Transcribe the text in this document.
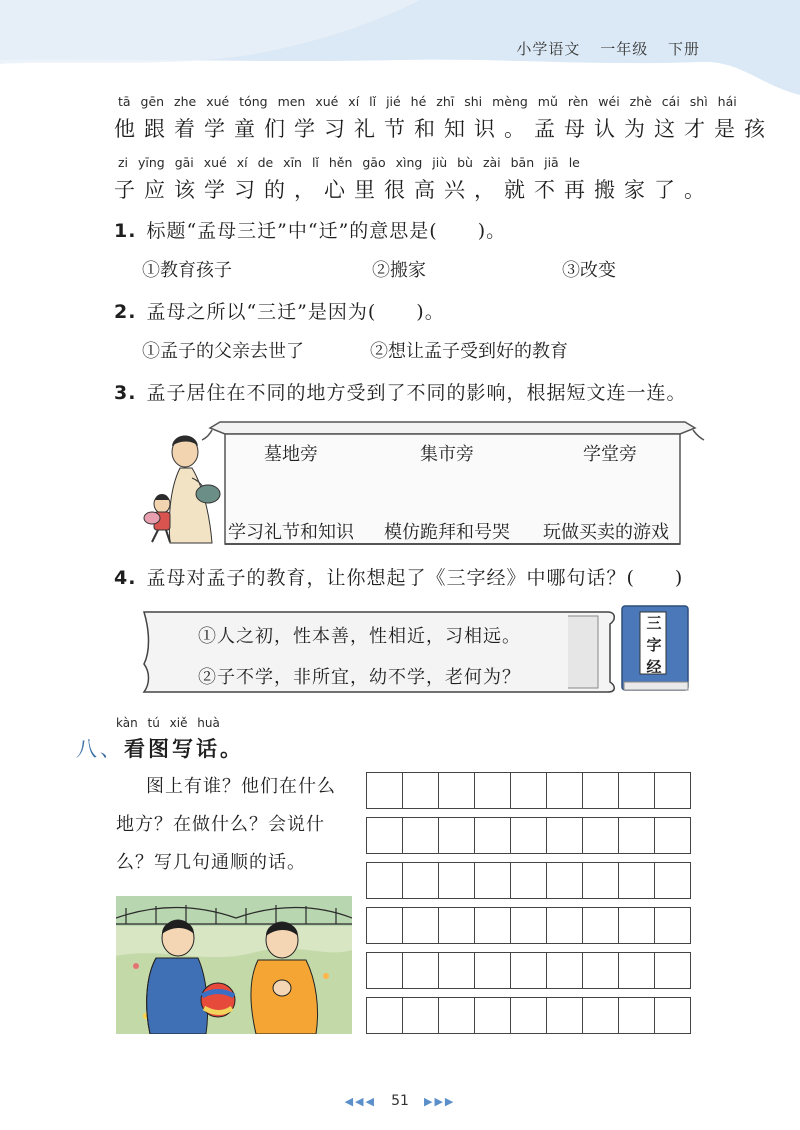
小学语文 一年级 下册
tā gēn zhe xué tóng men xué xí lǐ jié hé zhī shi mèng mǔ rèn wéi zhè cái shì hái
他跟着学童们学习礼节和知识。孟母认为这才是孩
zi yīng gāi xué xí de xīn lǐ hěn gāo xìng jiù bù zài bān jiā le
子应该学习的，心里很高兴，就不再搬家了。
1. 标题“孟母三迁”中“迁”的意思是(　　)。
①教育孩子	②搬家	③改变
2. 孟母之所以“三迁”是因为(　　)。
①孟子的父亲去世了	②想让孟子受到好的教育
3. 孟子居住在不同的地方受到了不同的影响，根据短文连一连。
墓地旁	集市旁	学堂旁
学习礼节和知识 模仿跪拜和号哭 玩做买卖的游戏
4. 孟母对孟子的教育，让你想起了《三字经》中哪句话？(　　)
①人之初，性本善，性相近，习相远。
②子不学，非所宜，幼不学，老何为？
三字经
kàn tú xiě huà
八、看图写话。
图上有谁？他们在什么地方？在做什么？会说什么？写几句通顺的话。

◀◀◀ 51 ▶▶▶
